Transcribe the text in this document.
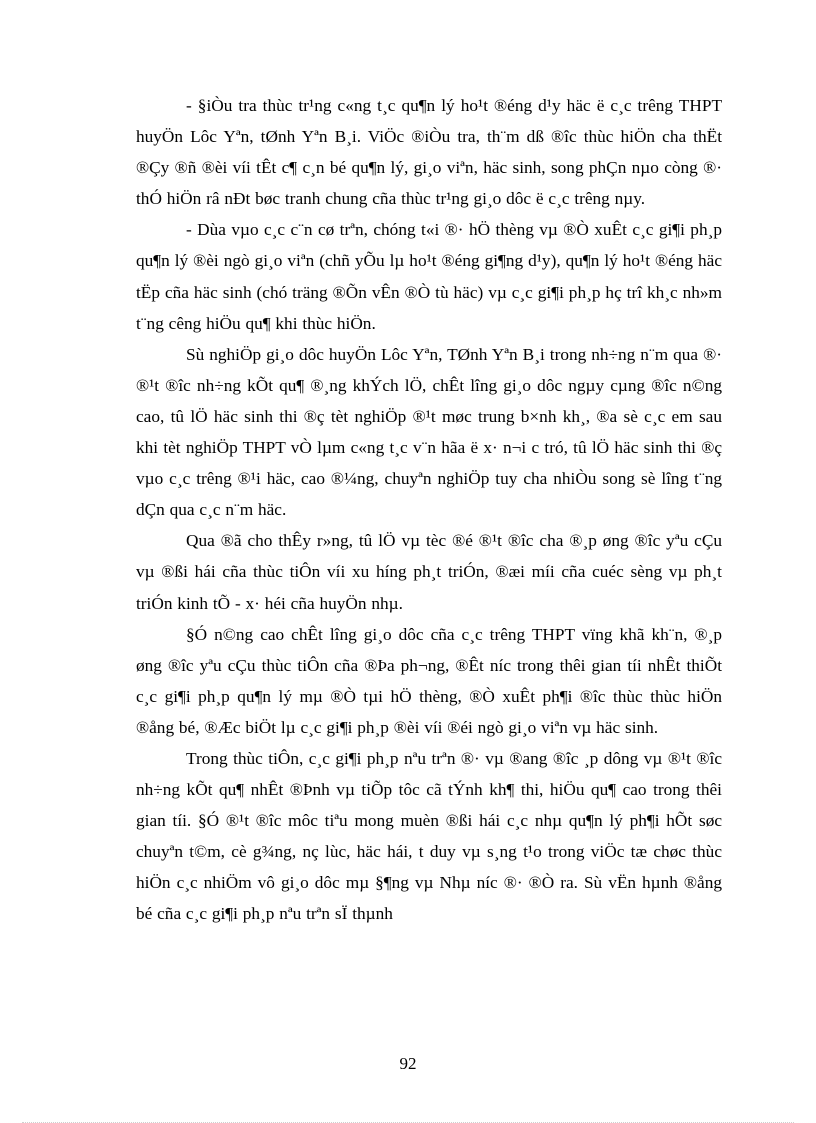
- §iÒu tra thùc tr¹ng c«ng t¸c qu¶n lý ho¹t ®éng d¹y häc ë c¸c trêng THPT huyÖn Lôc Yªn, tØnh Yªn B¸i. ViÖc ®iÒu tra, th¨m dß ®îc thùc hiÖn cha thËt ®Çy ®ñ ®èi víi tÊt c¶ c¸n bé qu¶n lý, gi¸o viªn, häc sinh, song phÇn nµo còng ®· thÓ hiÖn râ nÐt bøc tranh chung cña thùc tr¹ng gi¸o dôc ë c¸c trêng nµy.

- Dùa vµo c¸c c¨n cø trªn, chóng t«i ®· hÖ thèng vµ ®Ò xuÊt c¸c gi¶i ph¸p qu¶n lý ®èi ngò gi¸o viªn (chñ yÕu lµ ho¹t ®éng gi¶ng d¹y), qu¶n lý ho¹t ®éng häc tËp cña häc sinh (chó träng ®Õn vÊn ®Ò tù häc) vµ c¸c gi¶i ph¸p hç trî kh¸c nh»m t¨ng cêng hiÖu qu¶ khi thùc hiÖn.

Sù nghiÖp gi¸o dôc huyÖn Lôc Yªn, TØnh Yªn B¸i trong nh÷ng n¨m qua ®· ®¹t ®îc nh÷ng kÕt qu¶ ®¸ng khÝch lÖ, chÊt lîng gi¸o dôc ngµy cµng ®îc n©ng cao, tû lÖ häc sinh thi ®ç tèt nghiÖp ®¹t møc trung b×nh kh¸, ®a sè c¸c em sau khi tèt nghiÖp THPT vÒ lµm c«ng t¸c v¨n hãa ë x· n¬i c tró, tû lÖ häc sinh thi ®ç vµo c¸c trêng ®¹i häc, cao ®¼ng, chuyªn nghiÖp tuy cha nhiÒu song sè lîng t¨ng dÇn qua c¸c n¨m häc.

Qua ®ã cho thÊy r»ng, tû lÖ vµ tèc ®é ®¹t ®îc cha ®¸p øng ®îc yªu cÇu vµ ®ßi hái cña thùc tiÔn víi xu híng ph¸t triÓn, ®æi míi cña cuéc sèng vµ ph¸t triÓn kinh tÕ - x· héi cña huyÖn nhµ.

§Ó n©ng cao chÊt lîng gi¸o dôc cña c¸c trêng THPT vïng khã kh¨n, ®¸p øng ®îc yªu cÇu thùc tiÔn cña ®Þa ph¬ng, ®Êt níc trong thêi gian tíi nhÊt thiÕt c¸c gi¶i ph¸p qu¶n lý mµ ®Ò tµi hÖ thèng, ®Ò xuÊt ph¶i ®îc thùc thùc hiÖn ®ång bé, ®Æc biÖt lµ c¸c gi¶i ph¸p ®èi víi ®éi ngò gi¸o viªn vµ häc sinh.

Trong thùc tiÔn, c¸c gi¶i ph¸p nªu trªn ®· vµ ®ang ®îc ¸p dông vµ ®¹t ®îc nh÷ng kÕt qu¶ nhÊt ®Þnh vµ tiÕp tôc cã tÝnh kh¶ thi, hiÖu qu¶ cao trong thêi gian tíi. §Ó ®¹t ®îc môc tiªu mong muèn ®ßi hái c¸c nhµ qu¶n lý ph¶i hÕt søc chuyªn t©m, cè g¾ng, nç lùc, häc hái, t duy vµ s¸ng t¹o trong viÖc tæ chøc thùc hiÖn c¸c nhiÖm vô gi¸o dôc mµ §¶ng vµ Nhµ níc ®· ®Ò ra. Sù vËn hµnh ®ång bé cña c¸c gi¶i ph¸p nªu trªn sÏ thµnh

92
